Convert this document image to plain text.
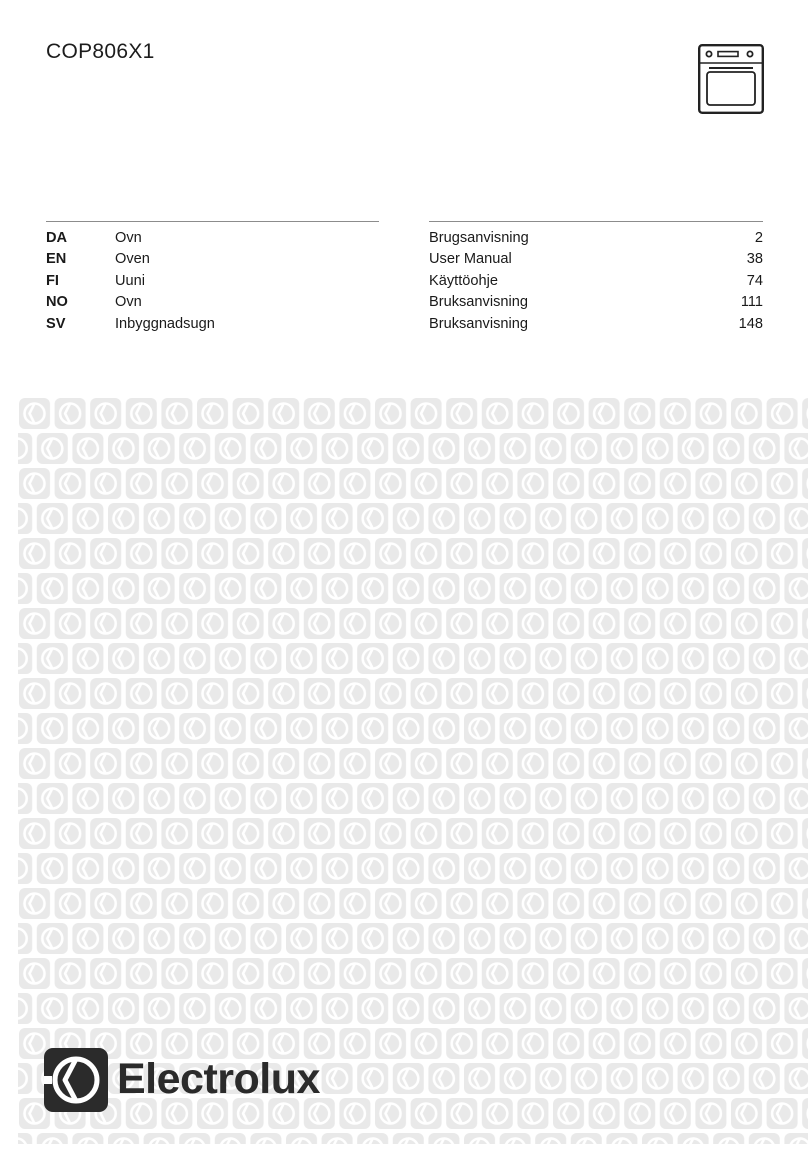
COP806X1
DA	Ovn
EN	Oven
FI	Uuni
NO	Ovn
SV	Inbyggnadsugn
Brugsanvisning	2
User Manual	38
Käyttöohje	74
Bruksanvisning	111
Bruksanvisning	148
Electrolux
